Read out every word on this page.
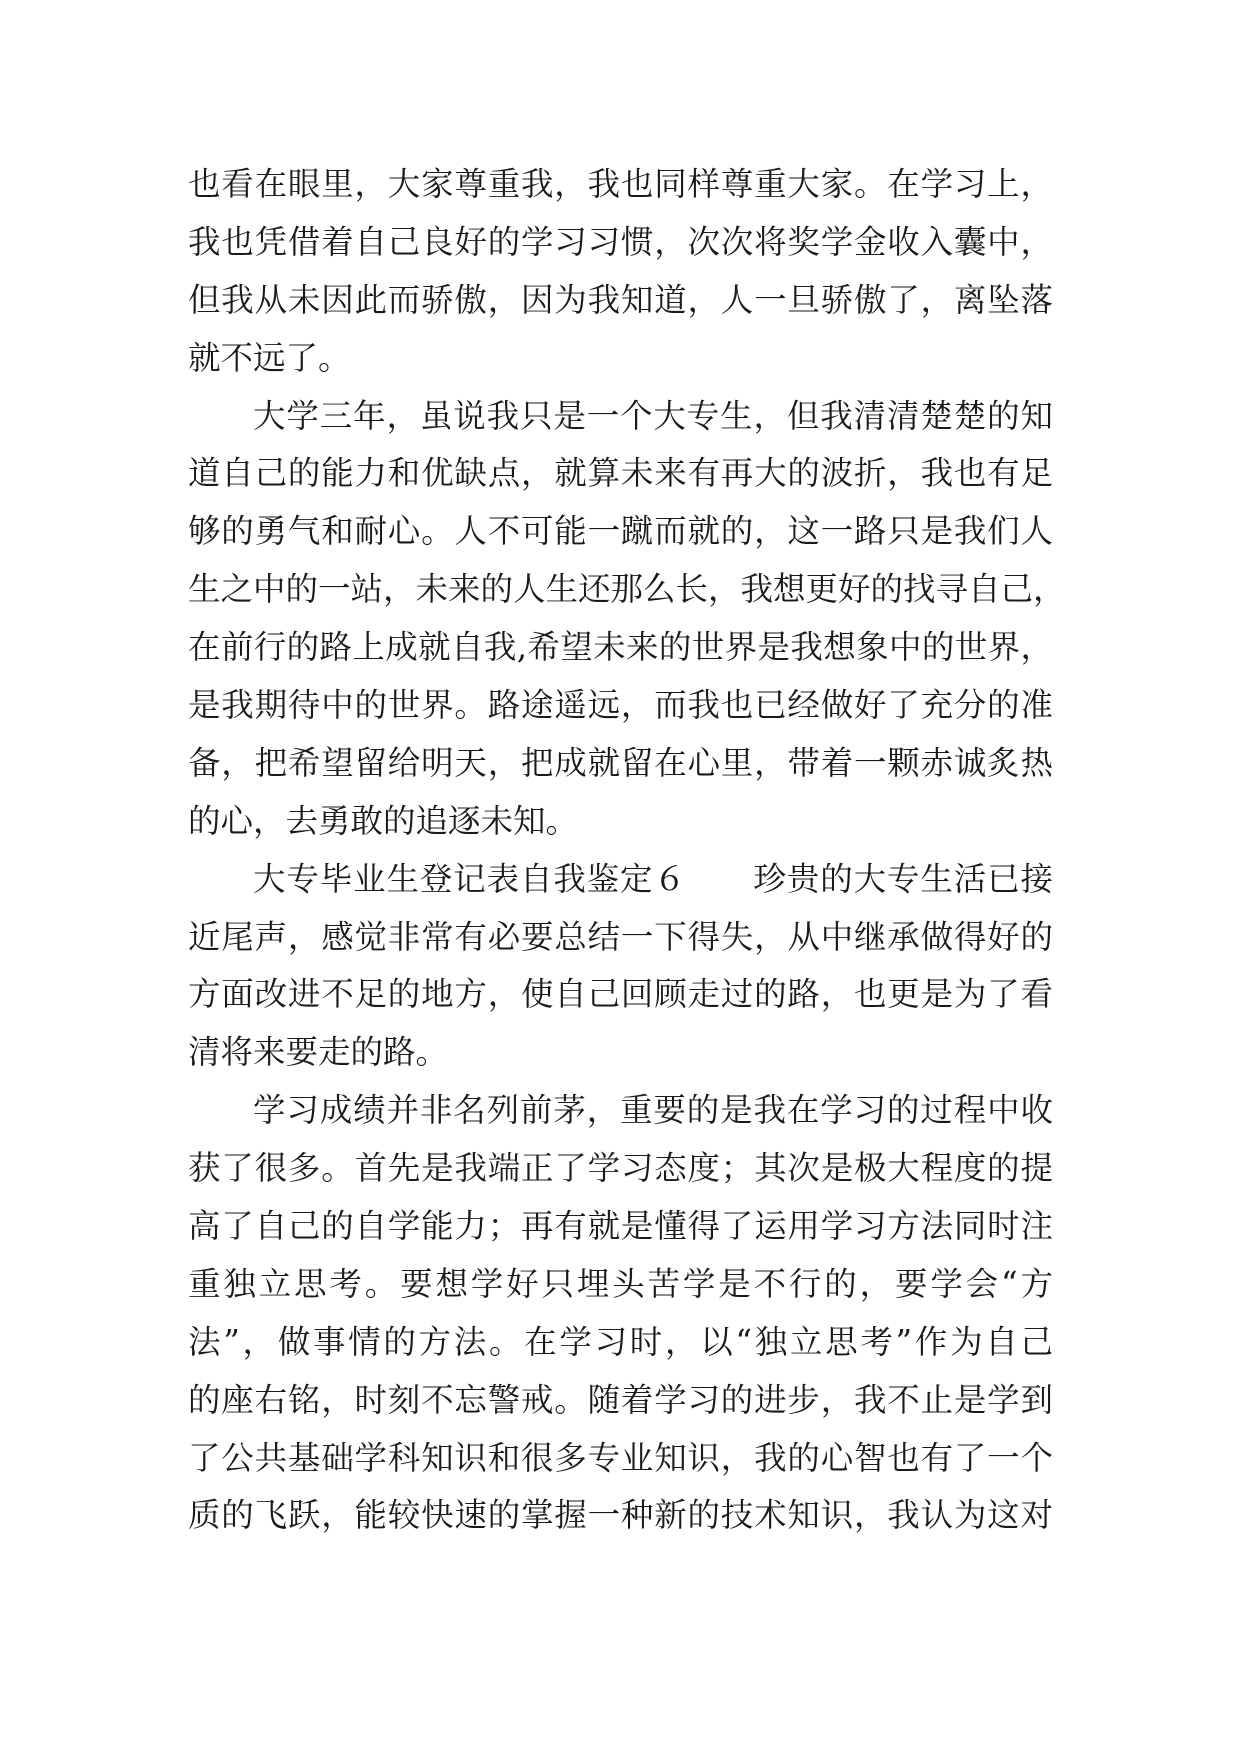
也看在眼里，大家尊重我，我也同样尊重大家。在学习上，
我也凭借着自己良好的学习习惯，次次将奖学金收入囊中，
但我从未因此而骄傲，因为我知道，人一旦骄傲了，离坠落
就不远了。
大学三年，虽说我只是一个大专生，但我清清楚楚的知
道自己的能力和优缺点，就算未来有再大的波折，我也有足
够的勇气和耐心。人不可能一蹴而就的，这一路只是我们人
生之中的一站，未来的人生还那么长，我想更好的找寻自己，
在前行的路上成就自我,希望未来的世界是我想象中的世界，
是我期待中的世界。路途遥远，而我也已经做好了充分的准
备，把希望留给明天，把成就留在心里，带着一颗赤诚炙热
的心，去勇敢的追逐未知。
大专毕业生登记表自我鉴定６　　珍贵的大专生活已接
近尾声，感觉非常有必要总结一下得失，从中继承做得好的
方面改进不足的地方，使自己回顾走过的路，也更是为了看
清将来要走的路。
学习成绩并非名列前茅，重要的是我在学习的过程中收
获了很多。首先是我端正了学习态度；其次是极大程度的提
高了自己的自学能力；再有就是懂得了运用学习方法同时注
重独立思考。要想学好只埋头苦学是不行的，要学会“方
法”，做事情的方法。在学习时，以“独立思考”作为自己
的座右铭，时刻不忘警戒。随着学习的进步，我不止是学到
了公共基础学科知识和很多专业知识，我的心智也有了一个
质的飞跃，能较快速的掌握一种新的技术知识，我认为这对
